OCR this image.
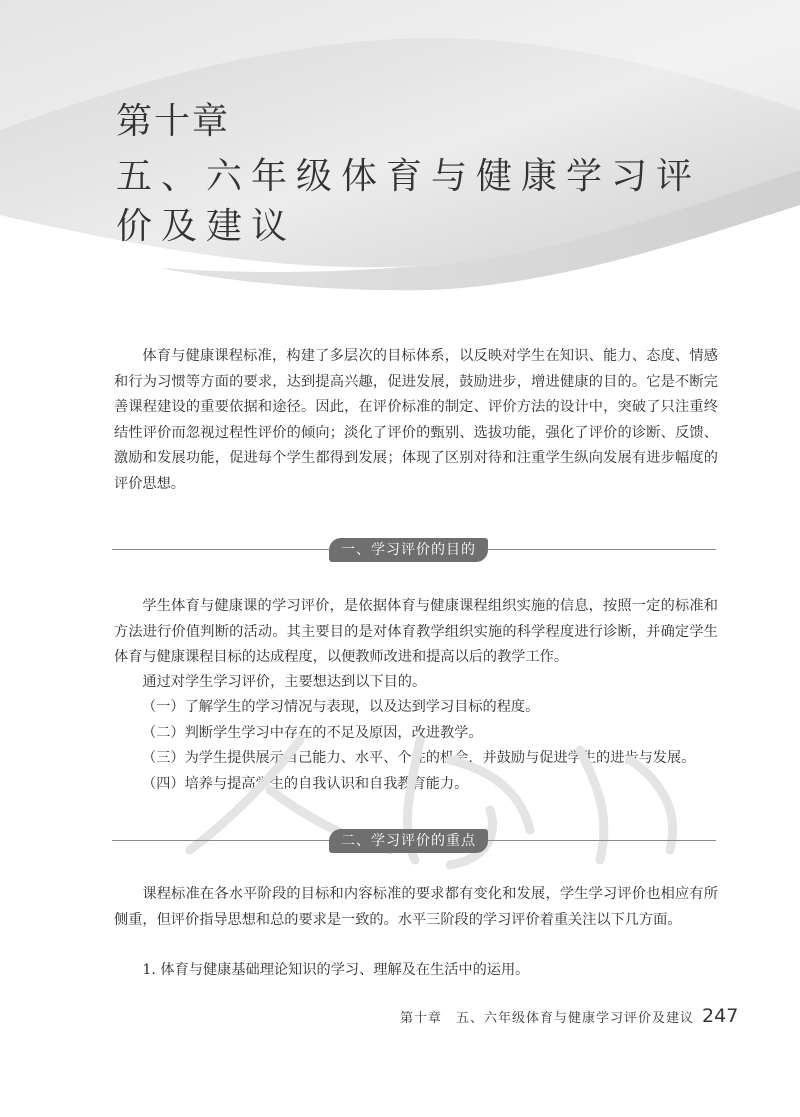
第十章
五、六年级体育与健康学习评价及建议

体育与健康课程标准，构建了多层次的目标体系，以反映对学生在知识、能力、态度、情感和行为习惯等方面的要求，达到提高兴趣，促进发展，鼓励进步，增进健康的目的。它是不断完善课程建设的重要依据和途径。因此，在评价标准的制定、评价方法的设计中，突破了只注重终结性评价而忽视过程性评价的倾向；淡化了评价的甄别、选拔功能，强化了评价的诊断、反馈、激励和发展功能，促进每个学生都得到发展；体现了区别对待和注重学生纵向发展有进步幅度的评价思想。

一、学习评价的目的

学生体育与健康课的学习评价，是依据体育与健康课程组织实施的信息，按照一定的标准和方法进行价值判断的活动。其主要目的是对体育教学组织实施的科学程度进行诊断，并确定学生体育与健康课程目标的达成程度，以便教师改进和提高以后的教学工作。

通过对学生学习评价，主要想达到以下目的。

（一）了解学生的学习情况与表现，以及达到学习目标的程度。
（二）判断学生学习中存在的不足及原因，改进教学。
（三）为学生提供展示自己能力、水平、个性的机会，并鼓励与促进学生的进步与发展。
（四）培养与提高学生的自我认识和自我教育能力。
二、学习评价的重点

课程标准在各水平阶段的目标和内容标准的要求都有变化和发展，学生学习评价也相应有所侧重，但评价指导思想和总的要求是一致的。水平三阶段的学习评价着重关注以下几方面。

1. 体育与健康基础理论知识的学习、理解及在生活中的运用。

第十章　五、六年级体育与健康学习评价及建议 247
